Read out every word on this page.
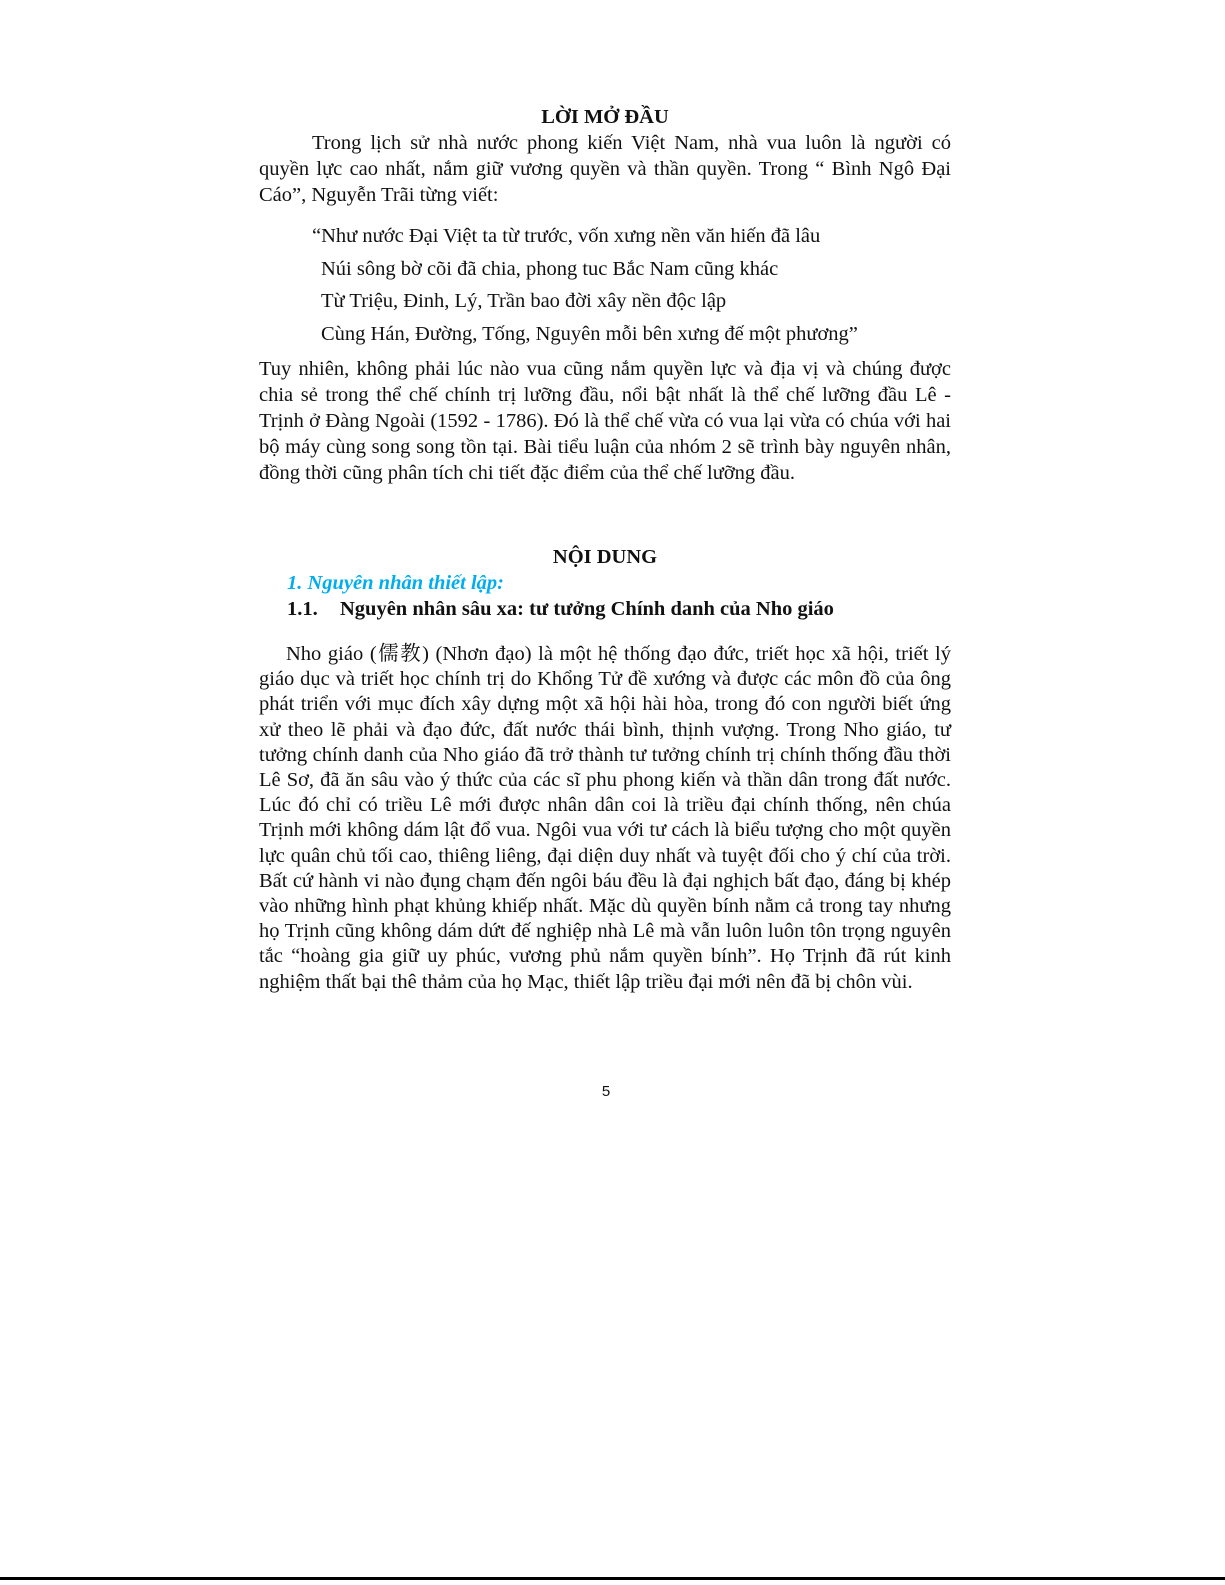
LỜI MỞ ĐẦU

Trong lịch sử nhà nước phong kiến Việt Nam, nhà vua luôn là người có quyền lực cao nhất, nắm giữ vương quyền và thần quyền. Trong “ Bình Ngô Đại Cáo”, Nguyễn Trãi từng viết:

“Như nước Đại Việt ta từ trước, vốn xưng nền văn hiến đã lâu
Núi sông bờ cõi đã chia, phong tuc Bắc Nam cũng khác
Từ Triệu, Đinh, Lý, Trần bao đời xây nền độc lập
Cùng Hán, Đường, Tống, Nguyên mỗi bên xưng đế một phương”

Tuy nhiên, không phải lúc nào vua cũng nắm quyền lực và địa vị và chúng được chia sẻ trong thể chế chính trị lưỡng đầu, nổi bật nhất là thể chế lưỡng đầu Lê - Trịnh ở Đàng Ngoài (1592 - 1786). Đó là thể chế vừa có vua lại vừa có chúa với hai bộ máy cùng song song tồn tại. Bài tiểu luận của nhóm 2 sẽ trình bày nguyên nhân, đồng thời cũng phân tích chi tiết đặc điểm của thể chế lưỡng đầu.

NỘI DUNG
1. Nguyên nhân thiết lập:
1.1. Nguyên nhân sâu xa: tư tưởng Chính danh của Nho giáo

Nho giáo (儒教) (Nhơn đạo) là một hệ thống đạo đức, triết học xã hội, triết lý giáo dục và triết học chính trị do Khổng Tử đề xướng và được các môn đồ của ông phát triển với mục đích xây dựng một xã hội hài hòa, trong đó con người biết ứng xử theo lẽ phải và đạo đức, đất nước thái bình, thịnh vượng. Trong Nho giáo, tư tưởng chính danh của Nho giáo đã trở thành tư tưởng chính trị chính thống đầu thời Lê Sơ, đã ăn sâu vào ý thức của các sĩ phu phong kiến và thần dân trong đất nước. Lúc đó chỉ có triều Lê mới được nhân dân coi là triều đại chính thống, nên chúa Trịnh mới không dám lật đổ vua. Ngôi vua với tư cách là biểu tượng cho một quyền lực quân chủ tối cao, thiêng liêng, đại diện duy nhất và tuyệt đối cho ý chí của trời. Bất cứ hành vi nào đụng chạm đến ngôi báu đều là đại nghịch bất đạo, đáng bị khép vào những hình phạt khủng khiếp nhất. Mặc dù quyền bính nằm cả trong tay nhưng họ Trịnh cũng không dám dứt đế nghiệp nhà Lê mà vẫn luôn luôn tôn trọng nguyên tắc “hoàng gia giữ uy phúc, vương phủ nắm quyền bính”. Họ Trịnh đã rút kinh nghiệm thất bại thê thảm của họ Mạc, thiết lập triều đại mới nên đã bị chôn vùi.

5
